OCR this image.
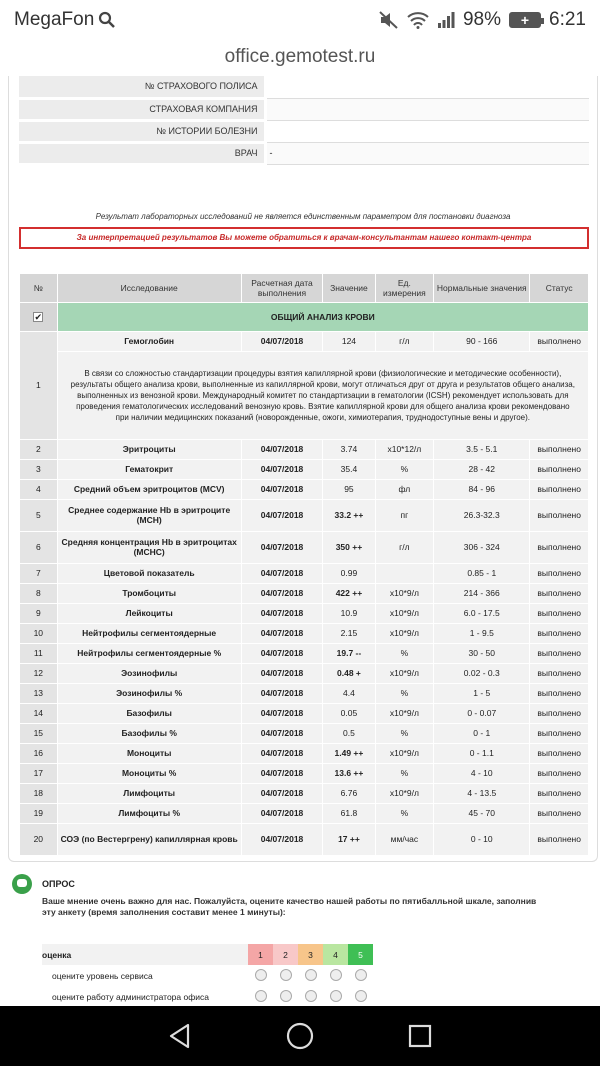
MegaFon	98%	+	6:21
office.gemotest.ru
№ СТРАХОВОГО ПОЛИСА	
СТРАХОВАЯ КОМПАНИЯ	
№ ИСТОРИИ БОЛЕЗНИ	
ВРАЧ	-
Результат лабораторных исследований не является единственным параметром для постановки диагноза
За интерпретацией результатов Вы можете обратиться к врачам-консультантам нашего контакт-центра
№	Исследование	Расчетная дата выполнения	Значение	Ед. измерения	Нормальные значения	Статус
✔	ОБЩИЙ АНАЛИЗ КРОВИ					
1	Гемоглобин	04/07/2018	124	г/л	90 - 166	выполнено
	В связи со сложностью стандартизации процедуры взятия капиллярной крови (физиологические и методические особенности), результаты общего анализа крови, выполненные из капиллярной крови, могут отличаться друг от друга и результатов общего анализа, выполненных из венозной крови. Международный комитет по стандартизации в гематологии (ICSH) рекомендует использовать для проведения гематологических исследований венозную кровь. Взятие капиллярной крови для общего анализа крови рекомендовано при наличии медицинских показаний (новорожденные, ожоги, химиотерапия, труднодоступные вены и другое).					
2	Эритроциты	04/07/2018	3.74	х10*12/л	3.5 - 5.1	выполнено
3	Гематокрит	04/07/2018	35.4	%	28 - 42	выполнено
4	Средний объем эритроцитов (MCV)	04/07/2018	95	фл	84 - 96	выполнено
5	Среднее содержание Hb в эритроците (MCH)	04/07/2018	33.2 ++	пг	26.3-32.3	выполнено
6	Средняя концентрация Hb в эритроцитах (MCHC)	04/07/2018	350 ++	г/л	306 - 324	выполнено
7	Цветовой показатель	04/07/2018	0.99		0.85 - 1	выполнено
8	Тромбоциты	04/07/2018	422 ++	х10*9/л	214 - 366	выполнено
9	Лейкоциты	04/07/2018	10.9	х10*9/л	6.0 - 17.5	выполнено
10	Нейтрофилы сегментоядерные	04/07/2018	2.15	х10*9/л	1 - 9.5	выполнено
11	Нейтрофилы сегментоядерные %	04/07/2018	19.7 --	%	30 - 50	выполнено
12	Эозинофилы	04/07/2018	0.48 +	х10*9/л	0.02 - 0.3	выполнено
13	Эозинофилы %	04/07/2018	4.4	%	1 - 5	выполнено
14	Базофилы	04/07/2018	0.05	х10*9/л	0 - 0.07	выполнено
15	Базофилы %	04/07/2018	0.5	%	0 - 1	выполнено
16	Моноциты	04/07/2018	1.49 ++	х10*9/л	0 - 1.1	выполнено
17	Моноциты %	04/07/2018	13.6 ++	%	4 - 10	выполнено
18	Лимфоциты	04/07/2018	6.76	х10*9/л	4 - 13.5	выполнено
19	Лимфоциты %	04/07/2018	61.8	%	45 - 70	выполнено
20	СОЭ (по Вестергрену) капиллярная кровь	04/07/2018	17 ++	мм/час	0 - 10	выполнено
ОПРОС
Ваше мнение очень важно для нас. Пожалуйста, оцените качество нашей работы по пятибалльной шкале, заполнив эту анкету (время заполнения составит менее 1 минуты):
оценка	1	2	3	4	5
оцените уровень сервиса					
оцените работу администратора офиса					
